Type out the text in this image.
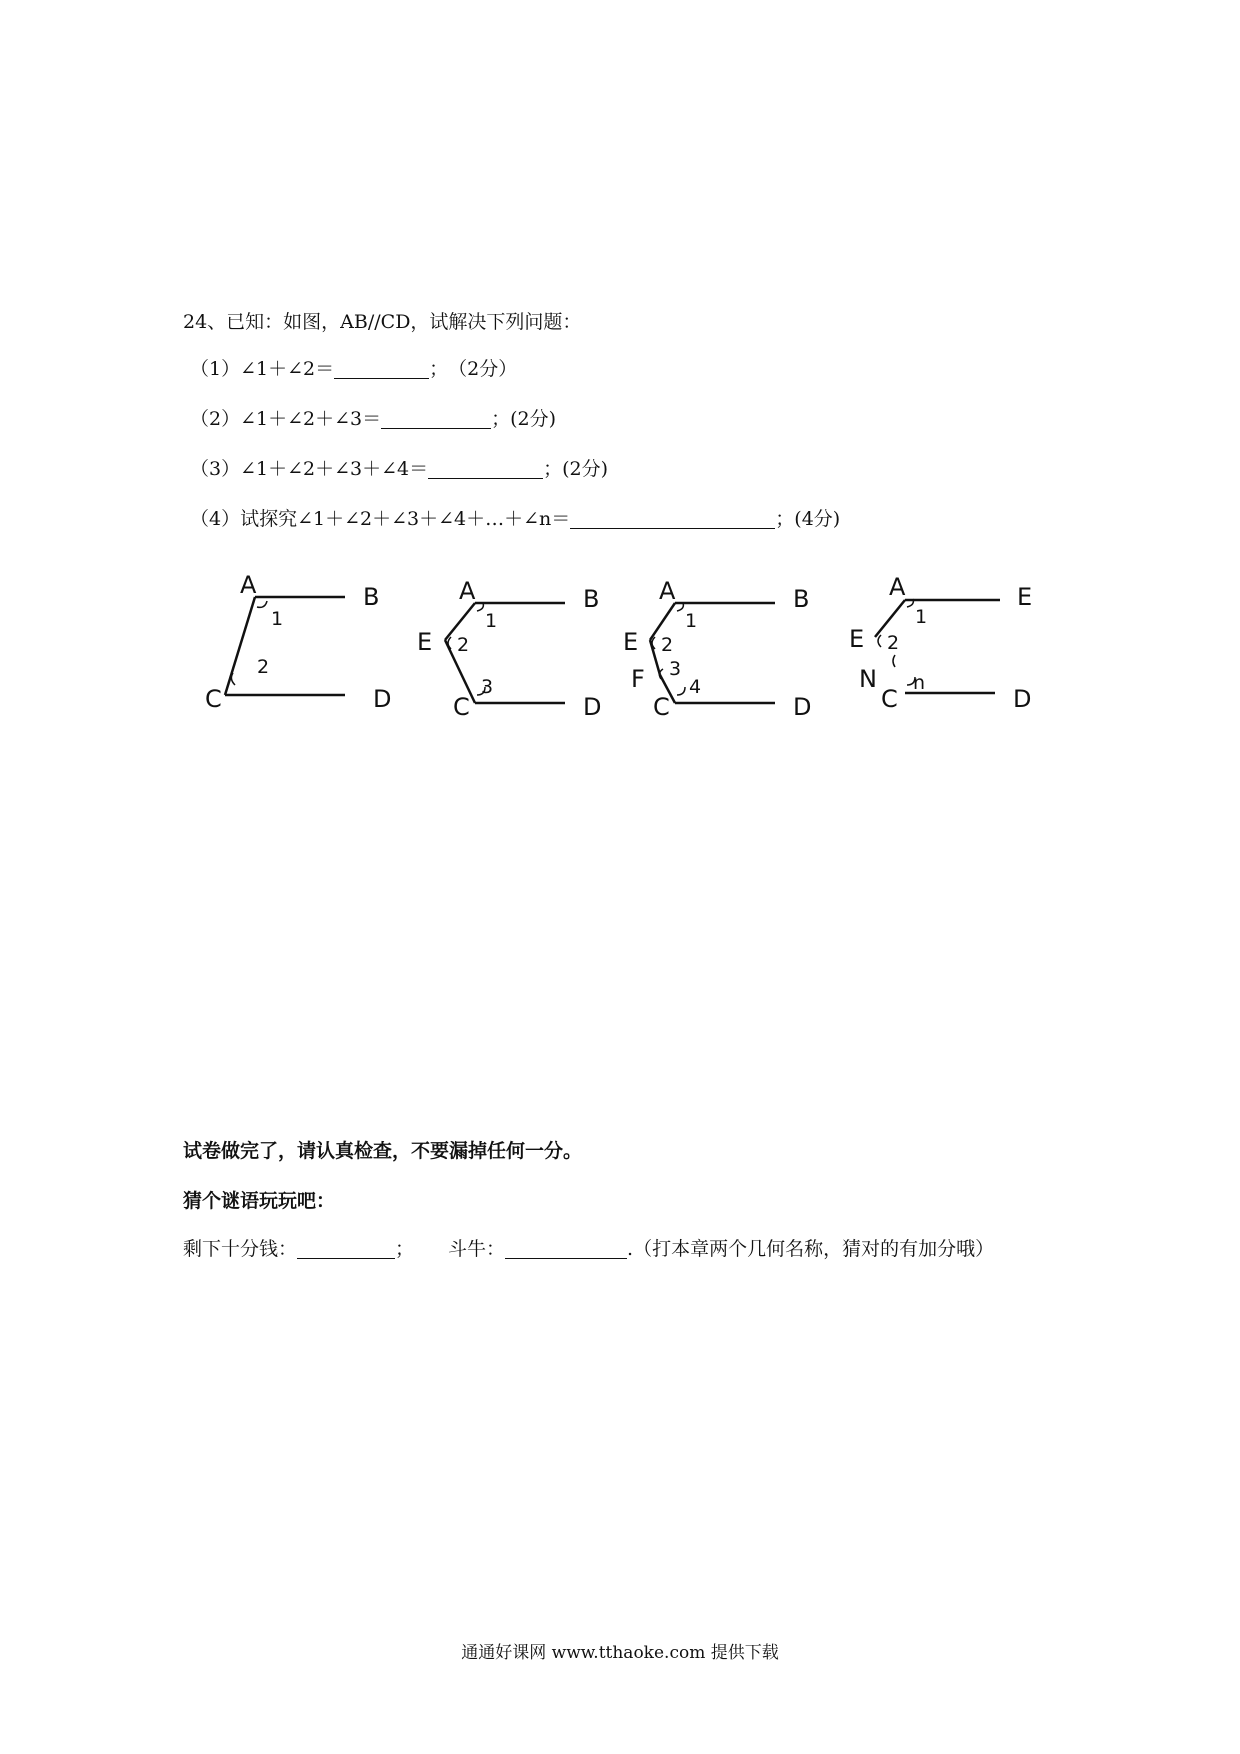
24、已知：如图，AB//CD，试解决下列问题：
（1）∠1＋∠2＝	；　（2分）
（2）∠1＋∠2＋∠3＝	；(2分)
（3）∠1＋∠2＋∠3＋∠4＝	；(2分)
（4）试探究∠1＋∠2＋∠3＋∠4＋…＋∠n＝	；(4分)
A	B
C	D
1
2
A	B
E
C	D
1
2
3
A	B
E
F
C	D
1
2
3
4
A	E
E
N
C	D
1
2
n
试卷做完了，请认真检查，不要漏掉任何一分。
猜个谜语玩玩吧：
剩下十分钱：	； 斗牛：	.（打本章两个几何名称，猜对的有加分哦）
通通好课网 www.tthaoke.com 提供下载
